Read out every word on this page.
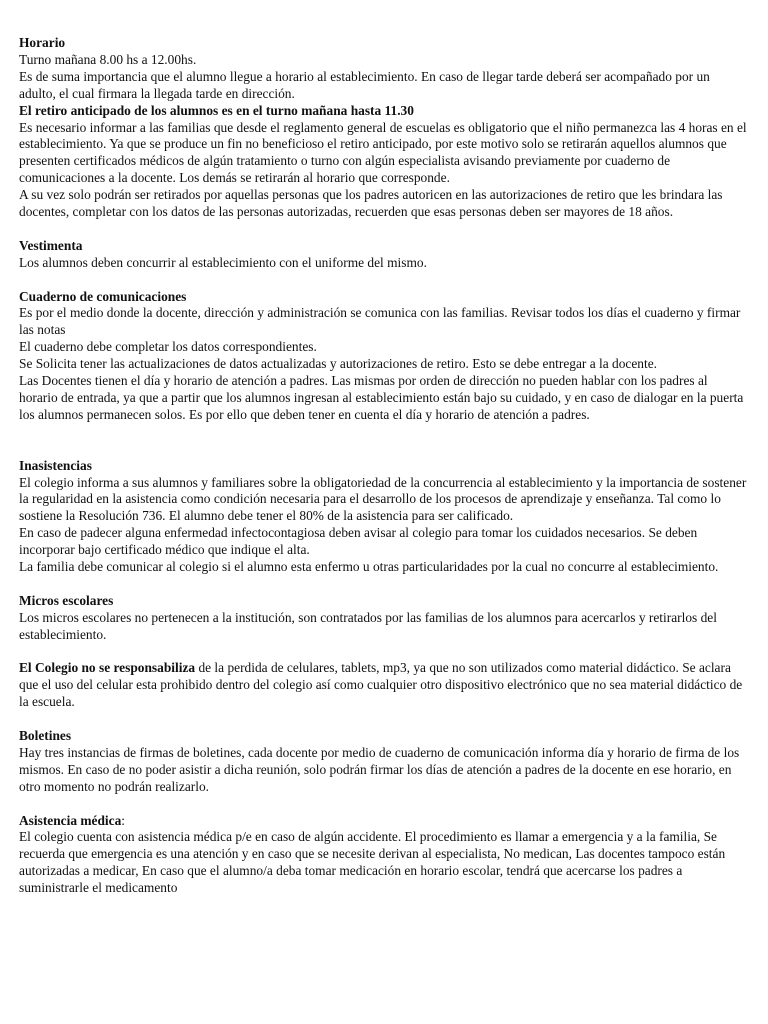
Horario

Turno mañana 8.00 hs a 12.00hs.

Es de suma importancia que el alumno llegue a horario al establecimiento. En caso de llegar tarde deberá ser acompañado por un adulto, el cual firmara la llegada tarde en dirección.

El retiro anticipado de los alumnos es en el turno mañana hasta 11.30

Es necesario informar a las familias que desde el reglamento general de escuelas es obligatorio que el niño permanezca las 4 horas en el establecimiento. Ya que se produce un fin no beneficioso el retiro anticipado, por este motivo solo se retirarán aquellos alumnos que presenten certificados médicos de algún tratamiento o turno con algún especialista avisando previamente por cuaderno de comunicaciones a la docente. Los demás se retirarán al horario que corresponde.

A su vez solo podrán ser retirados por aquellas personas que los padres autoricen en las autorizaciones de retiro que les brindara las docentes, completar con los datos de las personas autorizadas, recuerden que esas personas deben ser mayores de 18 años.

Vestimenta

Los alumnos deben concurrir al establecimiento con el uniforme del mismo.

Cuaderno de comunicaciones

Es por el medio donde la docente, dirección y administración se comunica con las familias. Revisar todos los días el cuaderno y firmar las notas

El cuaderno debe completar los datos correspondientes.

Se Solicita tener las actualizaciones de datos actualizadas y autorizaciones de retiro. Esto se debe entregar a la docente.

Las Docentes tienen el día y horario de atención a padres. Las mismas por orden de dirección no pueden hablar con los padres al horario de entrada, ya que a partir que los alumnos ingresan al establecimiento están bajo su cuidado, y en caso de dialogar en la puerta los alumnos permanecen solos. Es por ello que deben tener en cuenta el día y horario de atención a padres.

Inasistencias

El colegio informa a sus alumnos y familiares sobre la obligatoriedad de la concurrencia al establecimiento y la importancia de sostener la regularidad en la asistencia como condición necesaria para el desarrollo de los procesos de aprendizaje y enseñanza. Tal como lo sostiene la Resolución 736. El alumno debe tener el 80% de la asistencia para ser calificado.

En caso de padecer alguna enfermedad infectocontagiosa deben avisar al colegio para tomar los cuidados necesarios. Se deben incorporar bajo certificado médico que indique el alta.

La familia debe comunicar al colegio si el alumno esta enfermo u otras particularidades por la cual no concurre al establecimiento.

Micros escolares

Los micros escolares no pertenecen a la institución, son contratados por las familias de los alumnos para acercarlos y retirarlos del establecimiento.

El Colegio no se responsabiliza de la perdida de celulares, tablets, mp3, ya que no son utilizados como material didáctico. Se aclara que el uso del celular esta prohibido dentro del colegio así como cualquier otro dispositivo electrónico que no sea material didáctico de la escuela.

Boletines

Hay tres instancias de firmas de boletines, cada docente por medio de cuaderno de comunicación informa día y horario de firma de los mismos. En caso de no poder asistir a dicha reunión, solo podrán firmar los días de atención a padres de la docente en ese horario, en otro momento no podrán realizarlo.

Asistencia médica:

El colegio cuenta con asistencia médica p/e en caso de algún accidente. El procedimiento es llamar a emergencia y a la familia, Se recuerda que emergencia es una atención y en caso que se necesite derivan al especialista, No medican, Las docentes tampoco están autorizadas a medicar, En caso que el alumno/a deba tomar medicación en horario escolar, tendrá que acercarse los padres a suministrarle el medicamento
